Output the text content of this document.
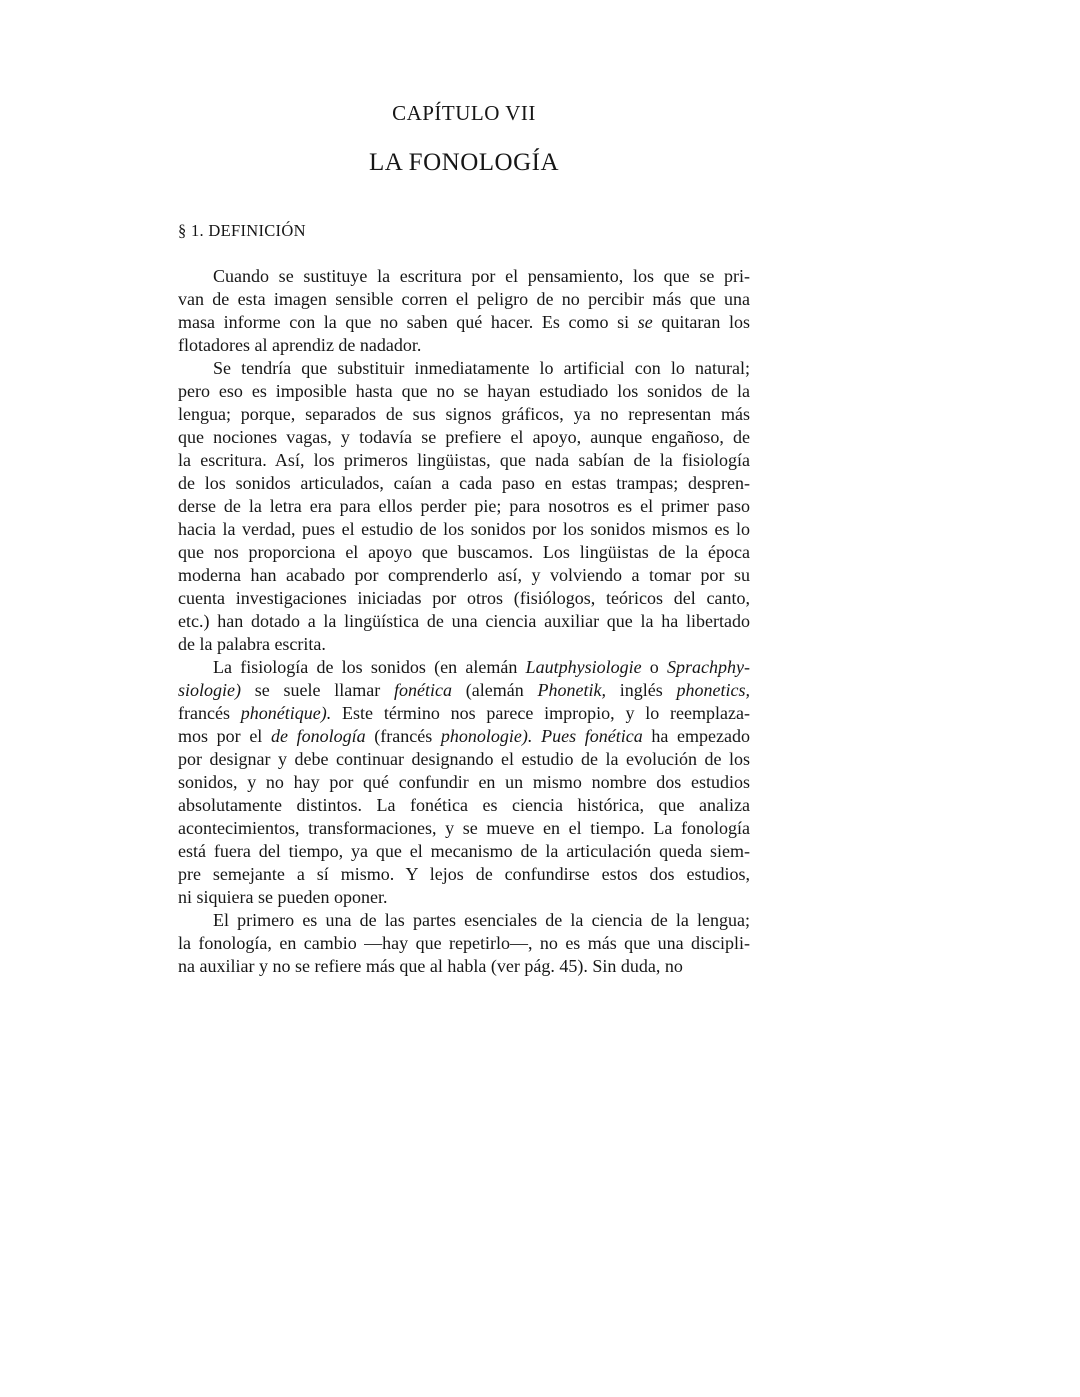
CAPÍTULO VII
LA FONOLOGÍA
§ 1. DEFINICIÓN
Cuando se sustituye la escritura por el pensamiento, los que se pri-
van de esta imagen sensible corren el peligro de no percibir más que una
masa informe con la que no saben qué hacer. Es como si se quitaran los
flotadores al aprendiz de nadador.
Se tendría que substituir inmediatamente lo artificial con lo natural;
pero eso es imposible hasta que no se hayan estudiado los sonidos de la
lengua; porque, separados de sus signos gráficos, ya no representan más
que nociones vagas, y todavía se prefiere el apoyo, aunque engañoso, de
la escritura. Así, los primeros lingüistas, que nada sabían de la fisiología
de los sonidos articulados, caían a cada paso en estas trampas; despren-
derse de la letra era para ellos perder pie; para nosotros es el primer paso
hacia la verdad, pues el estudio de los sonidos por los sonidos mismos es lo
que nos proporciona el apoyo que buscamos. Los lingüistas de la época
moderna han acabado por comprenderlo así, y volviendo a tomar por su
cuenta investigaciones iniciadas por otros (fisiólogos, teóricos del canto,
etc.) han dotado a la lingüística de una ciencia auxiliar que la ha libertado
de la palabra escrita.
La fisiología de los sonidos (en alemán Lautphysiologie o Sprachphy-
siologie) se suele llamar fonética (alemán Phonetik, inglés phonetics,
francés phonétique). Este término nos parece impropio, y lo reemplaza-
mos por el de fonología (francés phonologie). Pues fonética ha empezado
por designar y debe continuar designando el estudio de la evolución de los
sonidos, y no hay por qué confundir en un mismo nombre dos estudios
absolutamente distintos. La fonética es ciencia histórica, que analiza
acontecimientos, transformaciones, y se mueve en el tiempo. La fonología
está fuera del tiempo, ya que el mecanismo de la articulación queda siem-
pre semejante a sí mismo. Y lejos de confundirse estos dos estudios,
ni siquiera se pueden oponer.
El primero es una de las partes esenciales de la ciencia de la lengua;
la fonología, en cambio —hay que repetirlo—, no es más que una discipli-
na auxiliar y no se refiere más que al habla (ver pág. 45). Sin duda, no
